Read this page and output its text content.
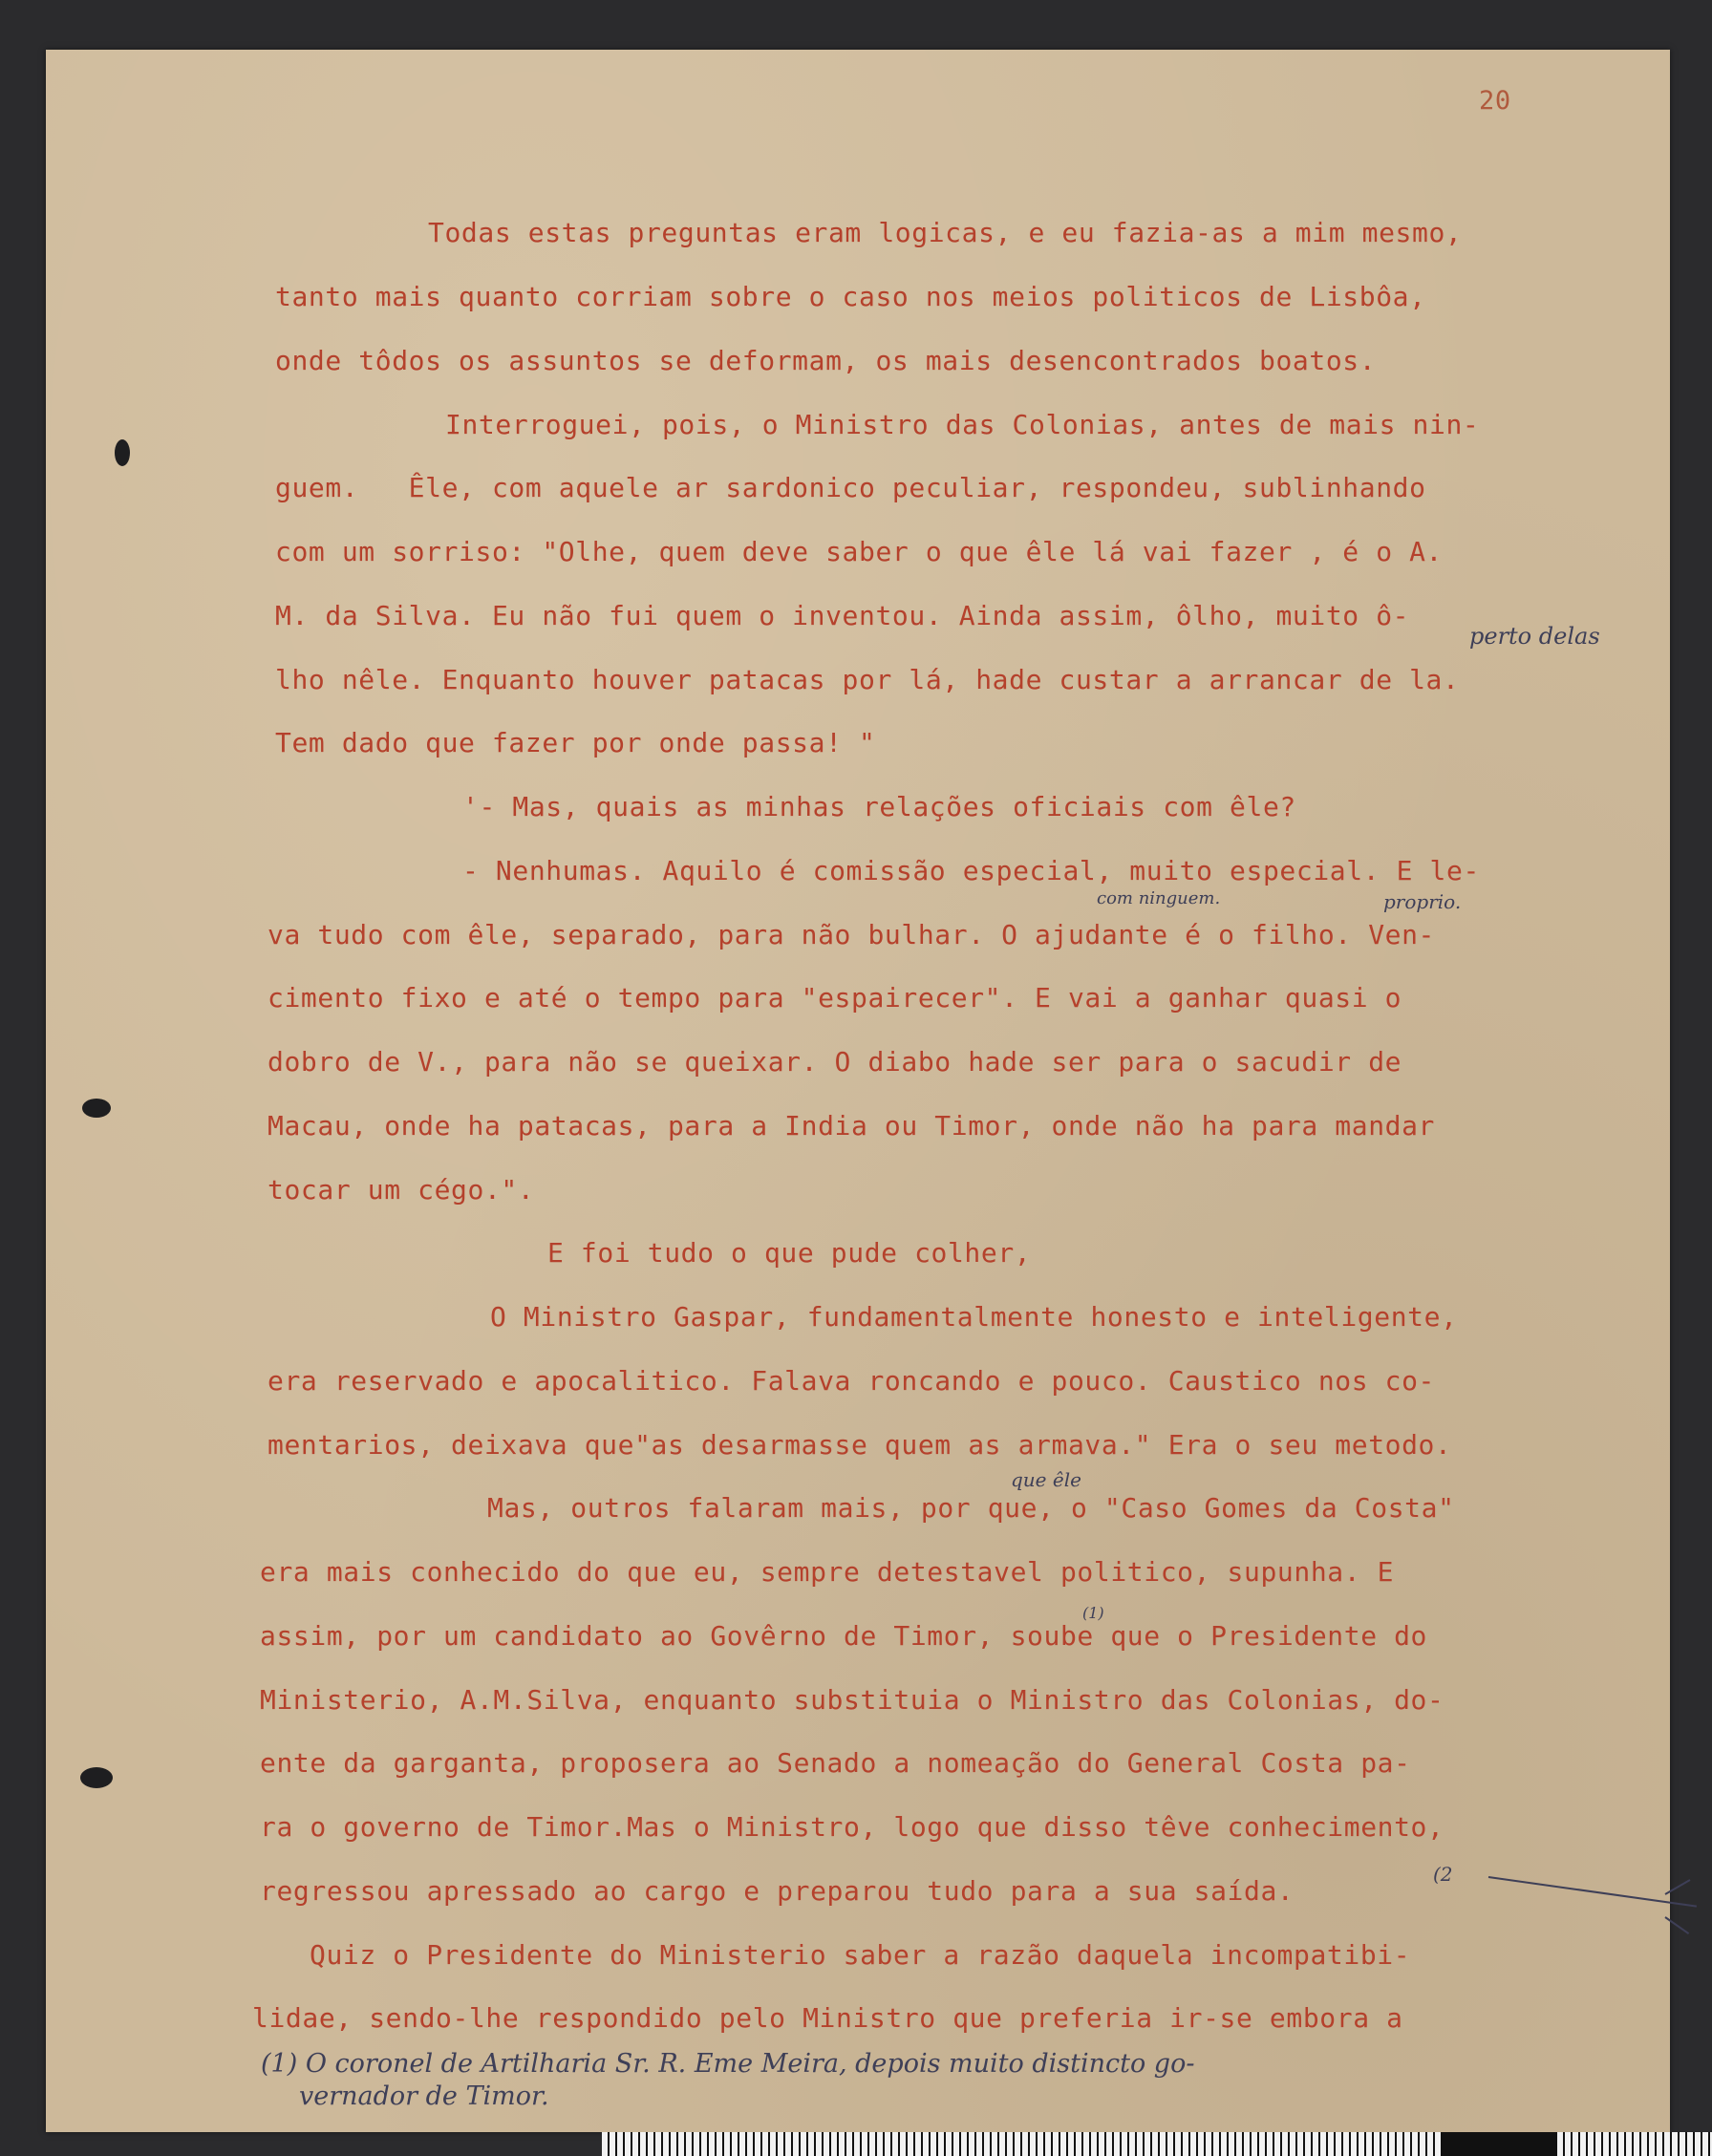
20

Todas estas preguntas eram logicas, e eu fazia-as a mim mesmo,

tanto mais quanto corriam sobre o caso nos meios politicos de Lisbôa,

onde tôdos os assuntos se deformam, os mais desencontrados boatos.

Interroguei, pois, o Ministro das Colonias, antes de mais nin-

guem.   Êle, com aquele ar sardonico peculiar, respondeu, sublinhando

com um sorriso: "Olhe, quem deve saber o que êle lá vai fazer , é o A.

M. da Silva. Eu não fui quem o inventou. Ainda assim, ôlho, muito ô-

lho nêle. Enquanto houver patacas por lá, hade custar a arrancar de la.

Tem dado que fazer por onde passa! "

'- Mas, quais as minhas relações oficiais com êle?

- Nenhumas. Aquilo é comissão especial, muito especial. E le-

va tudo com êle, separado, para não bulhar. O ajudante é o filho. Ven-

cimento fixo e até o tempo para "espairecer". E vai a ganhar quasi o

dobro de V., para não se queixar. O diabo hade ser para o sacudir de

Macau, onde ha patacas, para a India ou Timor, onde não ha para mandar

tocar um cégo.".

E foi tudo o que pude colher,

O Ministro Gaspar, fundamentalmente honesto e inteligente,

era reservado e apocalitico. Falava roncando e pouco. Caustico nos co-

mentarios, deixava que"as desarmasse quem as armava." Era o seu metodo.

Mas, outros falaram mais, por que, o "Caso Gomes da Costa"

era mais conhecido do que eu, sempre detestavel politico, supunha. E

assim, por um candidato ao Govêrno de Timor, soube que o Presidente do

Ministerio, A.M.Silva, enquanto substituia o Ministro das Colonias, do-

ente da garganta, proposera ao Senado a nomeação do General Costa pa-

ra o governo de Timor.Mas o Ministro, logo que disso têve conhecimento,

regressou apressado ao cargo e preparou tudo para a sua saída.

Quiz o Presidente do Ministerio saber a razão daquela incompatibi-

lidae, sendo-lhe respondido pelo Ministro que preferia ir-se embora a

perto delas

com ninguem.	proprio.

que êle

(1)

(2

(1) O coronel de Artilharia Sr. R. Eme Meira, depois muito distincto go-

vernador de Timor.
